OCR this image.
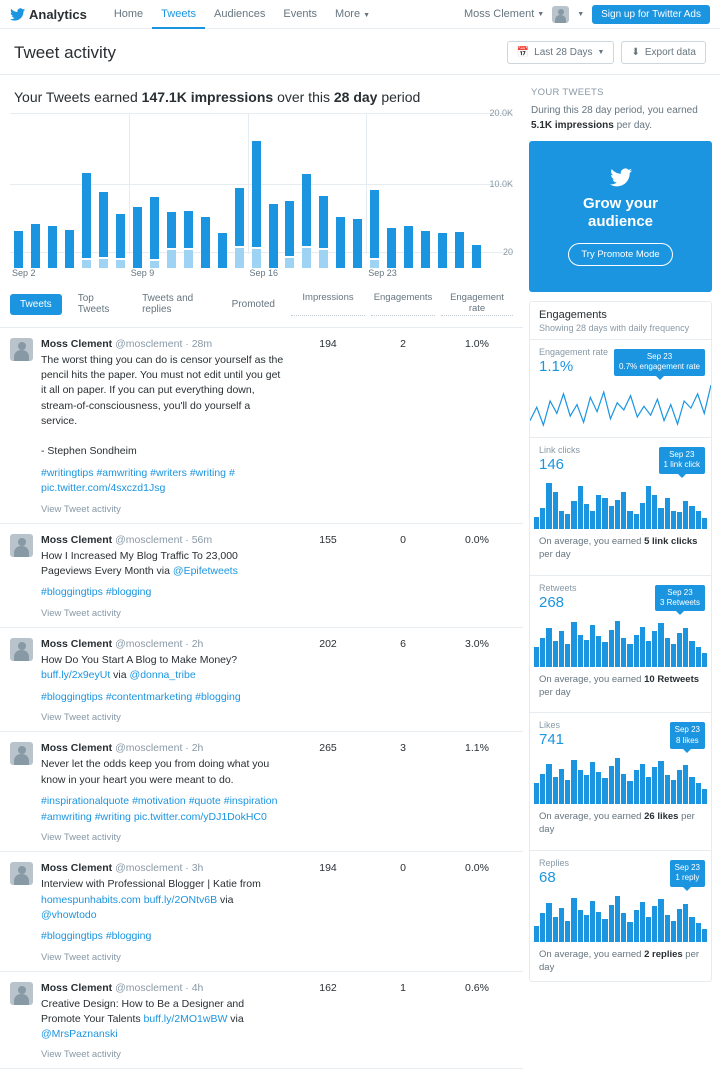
Analytics	Home	Tweets	Audiences	Events	More ▼	Moss Clement ▼	▼	Sign up for Twitter Ads
Tweet activity	📅 Last 28 Days ▼	⬇ Export data
Your Tweets earned 147.1K impressions over this 28 day period
20.0K
10.0K
20
Sep 2	Sep 9	Sep 16	Sep 23
Tweets	Top Tweets
Tweets and replies	Promoted
Impressions	Engagements	Engagement rate
Moss Clement @mosclement · 28m
The worst thing you can do is censor yourself as the pencil hits the paper. You must not edit until you get it all on paper. If you can put everything down, stream-of-consciousness, you'll do yourself a service.

- Stephen Sondheim
#writingtips #amwriting #writers #writing # pic.twitter.com/4sxczd1Jsg
View Tweet activity
194	2	1.0%
Moss Clement @mosclement · 56m
How I Increased My Blog Traffic To 23,000 Pageviews Every Month via @Epifetweets
#bloggingtips #blogging
View Tweet activity
155	0	0.0%
Moss Clement @mosclement · 2h
How Do You Start A Blog to Make Money? buff.ly/2x9eyUt via @donna_tribe
#bloggingtips #contentmarketing #blogging
View Tweet activity
202	6	3.0%
Moss Clement @mosclement · 2h
Never let the odds keep you from doing what you know in your heart you were meant to do.
#inspirationalquote #motivation #quote #inspiration #amwriting #writing pic.twitter.com/yDJ1DokHC0
View Tweet activity
265	3	1.1%
Moss Clement @mosclement · 3h
Interview with Professional Blogger | Katie from homespunhabits.com buff.ly/2ONtv6B via @vhowtodo
#bloggingtips #blogging
View Tweet activity
194	0	0.0%
Moss Clement @mosclement · 4h
Creative Design: How to Be a Designer and Promote Your Talents buff.ly/2MO1wBW via @MrsPaznanski
View Tweet activity
162	1	0.6%
YOUR TWEETS
During this 28 day period, you earned 5.1K impressions per day.
Grow your
audience
Try Promote Mode
Engagements
Showing 28 days with daily frequency
Engagement rate
1.1%
Sep 23
0.7% engagement rate
Link clicks
146
Sep 23
1 link click
On average, you earned 5 link clicks per day
Retweets
268
Sep 23
3 Retweets
On average, you earned 10 Retweets per day
Likes
741
Sep 23
8 likes
On average, you earned 26 likes per day
Replies
68
Sep 23
1 reply
On average, you earned 2 replies per day
